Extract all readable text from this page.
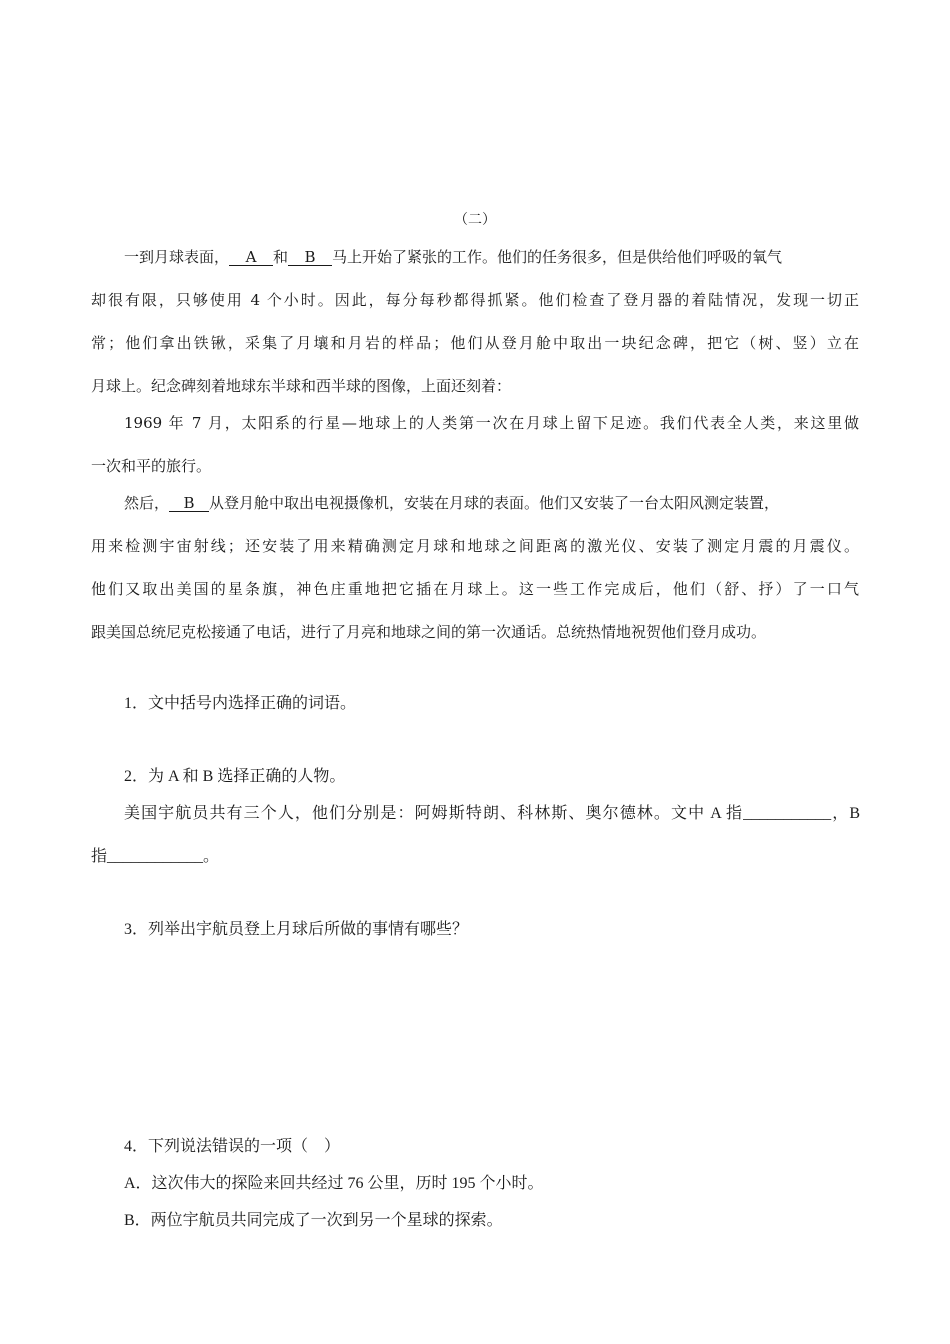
（二）
一到月球表面， A 和 B 马上开始了紧张的工作。他们的任务很多，但是供给他们呼吸的氧气
却很有限，只够使用 4 个小时。因此，每分每秒都得抓紧。他们检查了登月器的着陆情况，发现一切正
常；他们拿出铁锹，采集了月壤和月岩的样品；他们从登月舱中取出一块纪念碑，把它（树、竖）立在
月球上。纪念碑刻着地球东半球和西半球的图像，上面还刻着：
1969 年 7 月，太阳系的行星—地球上的人类第一次在月球上留下足迹。我们代表全人类，来这里做
一次和平的旅行。
然后， B 从登月舱中取出电视摄像机，安装在月球的表面。他们又安装了一台太阳风测定装置，
用来检测宇宙射线；还安装了用来精确测定月球和地球之间距离的激光仪、安装了测定月震的月震仪。
他们又取出美国的星条旗，神色庄重地把它插在月球上。这一些工作完成后，他们（舒、抒）了一口气
跟美国总统尼克松接通了电话，进行了月亮和地球之间的第一次通话。总统热情地祝贺他们登月成功。
1．文中括号内选择正确的词语。
2．为 A 和 B 选择正确的人物。
美国宇航员共有三个人，他们分别是：阿姆斯特朗、科林斯、奥尔德林。文中 A 指___________，B
指____________。
3．列举出宇航员登上月球后所做的事情有哪些？
4．下列说法错误的一项（　）
A．这次伟大的探险来回共经过 76 公里，历时 195 个小时。
B．两位宇航员共同完成了一次到另一个星球的探索。
